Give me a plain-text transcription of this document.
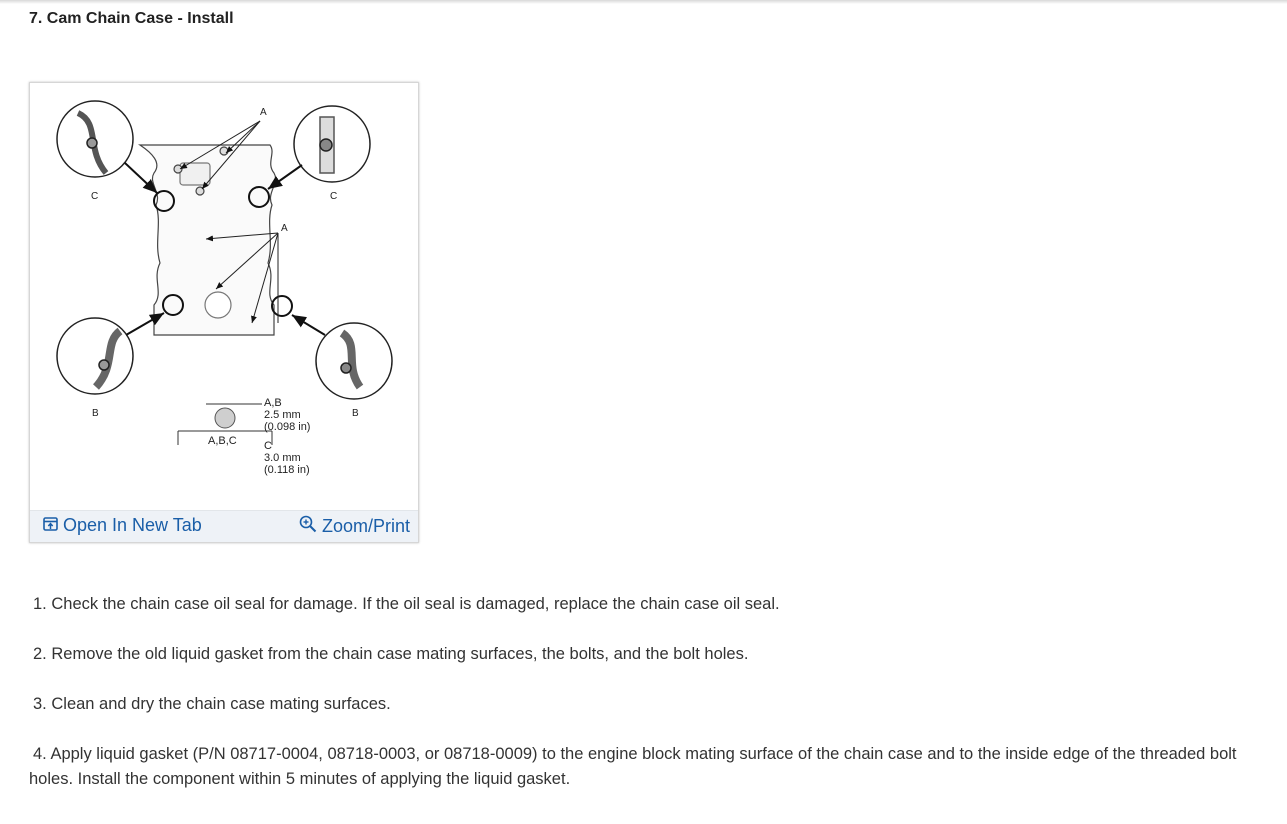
7. Cam Chain Case - Install
A
A
C	C
B	B
A,B,C
A,B
2.5 mm
(0.098 in)
C
3.0 mm
(0.118 in)
Open In New Tab	Zoom/Print

1. Check the chain case oil seal for damage. If the oil seal is damaged, replace the chain case oil seal.

2. Remove the old liquid gasket from the chain case mating surfaces, the bolts, and the bolt holes.

3. Clean and dry the chain case mating surfaces.

4. Apply liquid gasket (P/N 08717-0004, 08718-0003, or 08718-0009) to the engine block mating surface of the chain case and to the inside edge of the threaded bolt holes. Install the component within 5 minutes of applying the liquid gasket.
